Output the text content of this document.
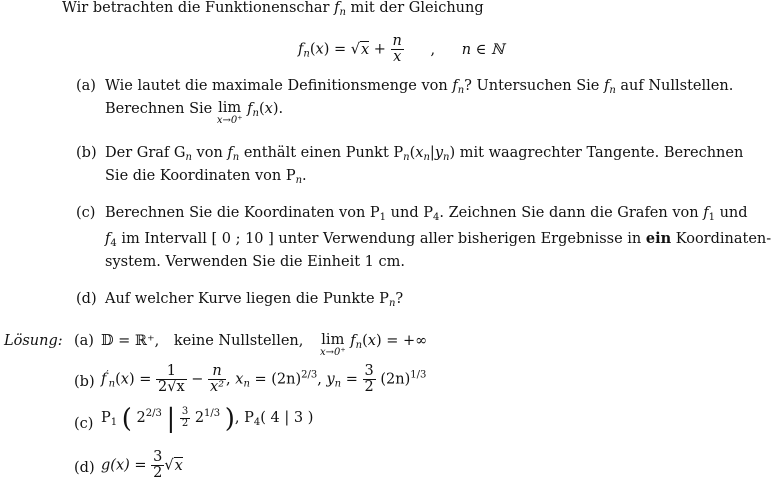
Wir betrachten die Funktionenschar $f_n$ mit der Gleichung
$f_n(x) = √x + \frac{n}{x}$ , n ∈ ℕ
(a) Wie lautet die maximale Definitionsmenge von $f_n$? Untersuchen Sie $f_n$ auf Nullstellen.
Berechnen Sie lim
x→0⁺
$f_n(x)$.
(b) Der Graf $G_n$ von $f_n$ enthält einen Punkt $P_n(x_n|y_n)$ mit waagrechter Tangente. Berechnen
Sie die Koordinaten von $P_n$.
(c) Berechnen Sie die Koordinaten von $P_1$ und $P_4$. Zeichnen Sie dann die Grafen von $f_1$ und
$f_4$ im Intervall [ 0 ; 10 ] unter Verwendung aller bisherigen Ergebnisse in ein Koordinaten-
system. Verwenden Sie die Einheit 1 cm.
(d) Auf welcher Kurve liegen die Punkte $P_n$?
Lösung: (a) 𝔻 = ℝ⁺, keine Nullstellen, lim
x→0⁺
$f_n(x)$ = +∞
(b) $f'_n(x) = \frac{1}{2√x} - \frac{n}{\text{x²}}$ , $x_n = (2n)^{2/3}$, $y_n = \frac{3}{2} (2n)^{1/3}$
(c) $P_1$ ( $2^{2/3}$ | $\frac{3}{2} 2^{1/3}$ ), $P_4$( 4 | 3 )
(d) $g(x) = \frac{3}{2} √x$
